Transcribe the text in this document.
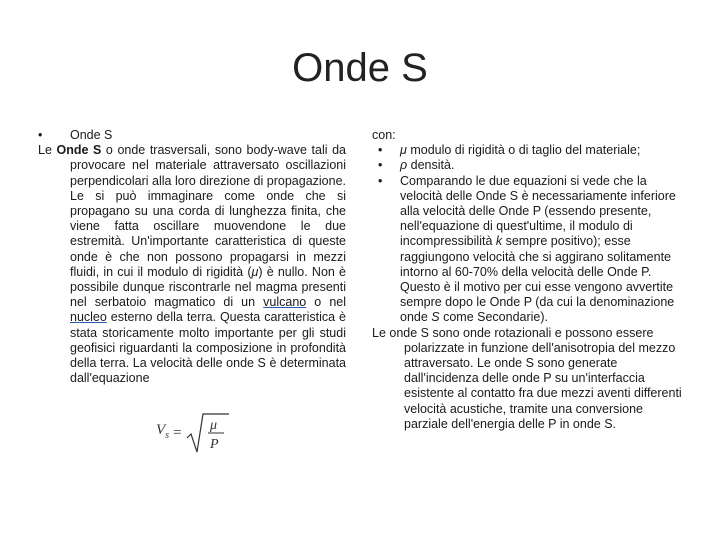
Onde S
• Onde S
Le Onde S o onde trasversali, sono body-wave tali da provocare nel materiale attraversato oscillazioni perpendicolari alla loro direzione di propagazione. Le si può immaginare come onde che si propagano su una corda di lunghezza finita, che viene fatta oscillare muovendone le due estremità. Un'importante caratteristica di queste onde è che non possono propagarsi in mezzi fluidi, in cui il modulo di rigidità (μ) è nullo. Non è possibile dunque riscontrarle nel magma presenti nel serbatoio magmatico di un vulcano o nel nucleo esterno della terra. Questa caratteristica è stata storicamente molto importante per gli studi geofisici riguardanti la composizione in profondità della terra. La velocità delle onde S è determinata dall'equazione
$V_s = \mu$
P
con:
• μ modulo di rigidità o di taglio del materiale;
• ρ densità.
• Comparando le due equazioni si vede che la velocità delle Onde S è necessariamente inferiore alla velocità delle Onde P (essendo presente, nell'equazione di quest'ultime, il modulo di incompressibilità k sempre positivo); esse raggiungono velocità che si aggirano solitamente intorno al 60-70% della velocità delle Onde P. Questo è il motivo per cui esse vengono avvertite sempre dopo le Onde P (da cui la denominazione onde S come Secondarie).
Le onde S sono onde rotazionali e possono essere polarizzate in funzione dell'anisotropia del mezzo attraversato. Le onde S sono generate dall'incidenza delle onde P su un'interfaccia esistente al contatto fra due mezzi aventi differenti velocità acustiche, tramite una conversione parziale dell'energia delle P in onde S.
